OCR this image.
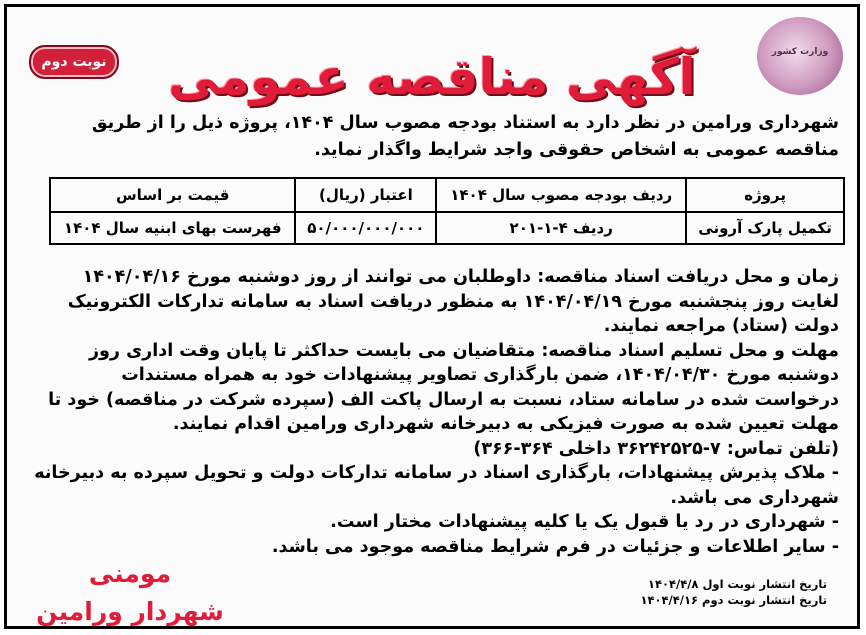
وزارت کشور
نوبت دوم	آگهی مناقصه عمومی
شهرداری ورامین در نظر دارد به استناد بودجه مصوب سال ۱۴۰۴، پروژه ذیل را از طریق مناقصه عمومی به اشخاص حقوقی واجد شرایط واگذار نماید.
پروژه	ردیف بودجه مصوب سال ۱۴۰۴	اعتبار (ریال)	قیمت بر اساس
تکمیل پارک آرونی	ردیف ۴-۱-۲۰۱	۵۰/۰۰۰/۰۰۰/۰۰۰	فهرست بهای ابنیه سال ۱۴۰۴

زمان و محل دریافت اسناد مناقصه: داوطلبان می توانند از روز دوشنبه مورخ ۱۴۰۴/۰۴/۱۶ لغایت روز پنجشنبه مورخ ۱۴۰۴/۰۴/۱۹ به منظور دریافت اسناد به سامانه تدارکات الکترونیک دولت (ستاد) مراجعه نمایند.

مهلت و محل تسلیم اسناد مناقصه: متقاضیان می بایست حداکثر تا پایان وقت اداری روز دوشنبه مورخ ۱۴۰۴/۰۴/۳۰، ضمن بارگذاری تصاویر پیشنهادات خود به همراه مستندات درخواست شده در سامانه ستاد، نسبت به ارسال پاکت الف (سپرده شرکت در مناقصه) خود تا مهلت تعیین شده به صورت فیزیکی به دبیرخانه شهرداری ورامین اقدام نمایند.

(تلفن تماس: ۷-۳۶۲۴۲۵۲۵ داخلی ۳۶۴-۳۶۶)

- ملاک پذیرش پیشنهادات، بارگذاری اسناد در سامانه تدارکات دولت و تحویل سپرده به دبیرخانه شهرداری می باشد.

- شهرداری در رد یا قبول یک یا کلیه پیشنهادات مختار است.

- سایر اطلاعات و جزئیات در فرم شرایط مناقصه موجود می باشد.

تاریخ انتشار نوبت اول ۱۴۰۴/۴/۸
تاریخ انتشار نوبت دوم ۱۴۰۴/۴/۱۶
مومنی
شهردار ورامین
